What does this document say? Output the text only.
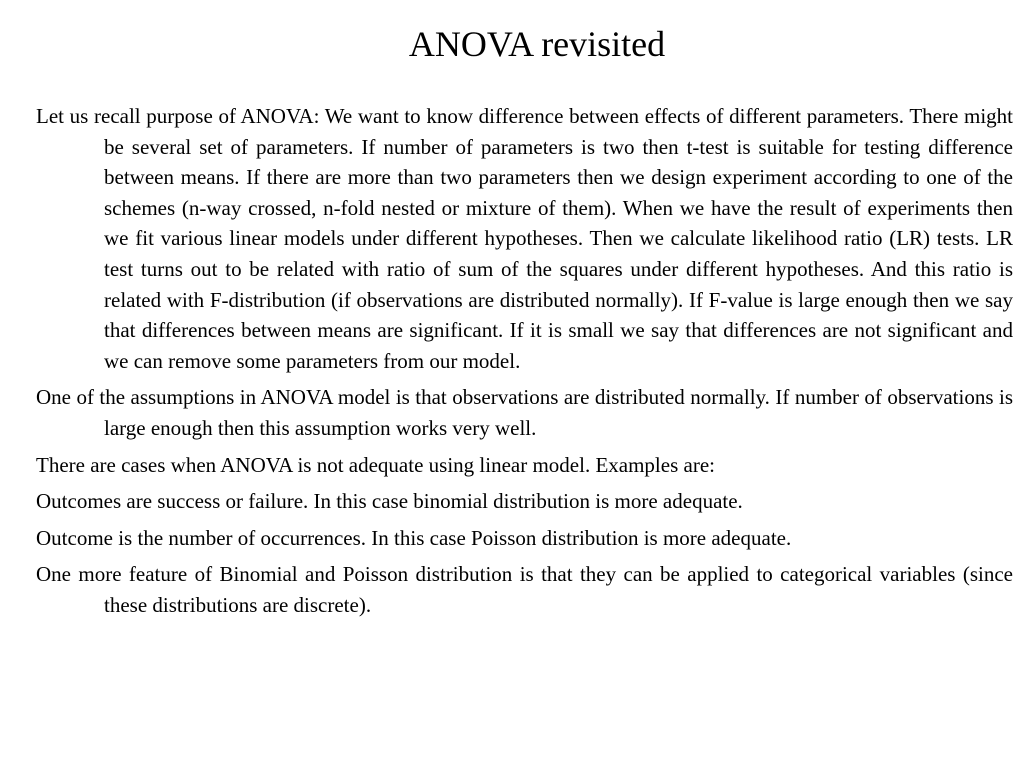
ANOVA revisited

Let us recall purpose of ANOVA: We want to know difference between effects of different parameters. There might be several set of parameters. If number of parameters is two then t-test is suitable for testing difference between means. If there are more than two parameters then we design experiment according to one of the schemes (n-way crossed, n-fold nested or mixture of them). When we have the result of experiments then we fit various linear models under different hypotheses. Then we calculate likelihood ratio (LR) tests. LR test turns out to be related with ratio of sum of the squares under different hypotheses. And this ratio is related with F-distribution (if observations are distributed normally). If F-value is large enough then we say that differences between means are significant. If it is small we say that differences are not significant and we can remove some parameters from our model.

One of the assumptions in ANOVA model is that observations are distributed normally. If number of observations is large enough then this assumption works very well.

There are cases when ANOVA is not adequate using linear model. Examples are:

Outcomes are success or failure. In this case binomial distribution is more adequate.

Outcome is the number of occurrences. In this case Poisson distribution is more adequate.

One more feature of Binomial and Poisson distribution is that they can be applied to categorical variables (since these distributions are discrete).
